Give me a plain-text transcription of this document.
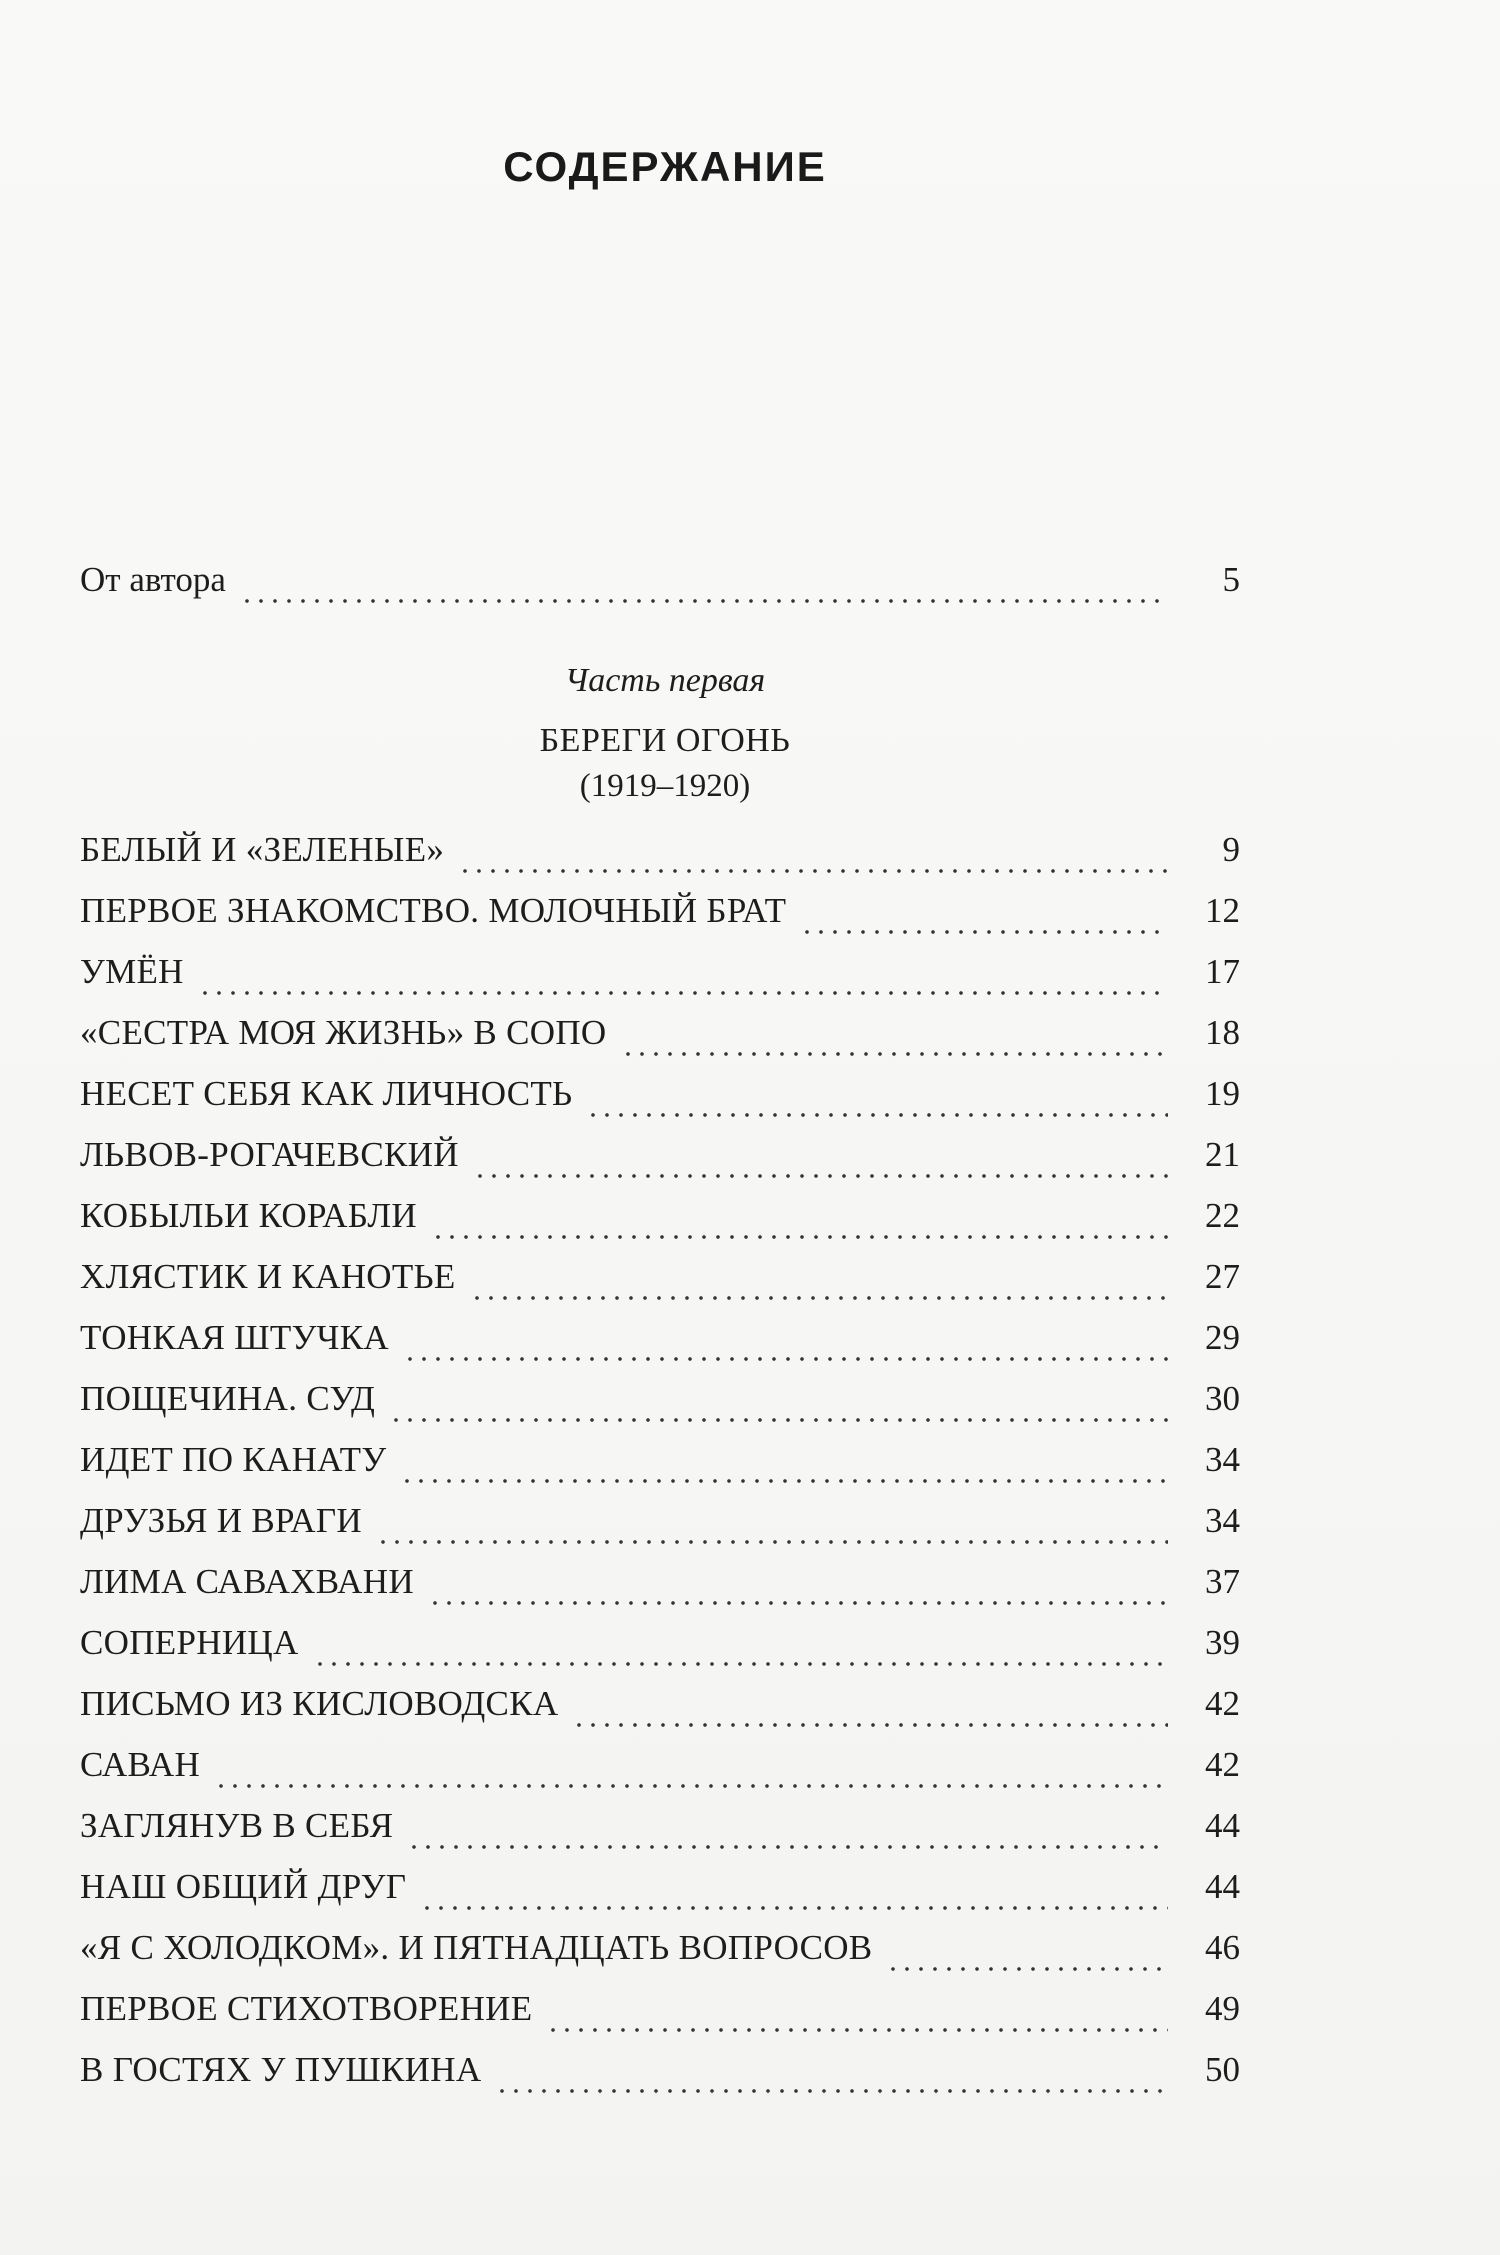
СОДЕРЖАНИЕ
От автора	5
Часть первая
БЕРЕГИ ОГОНЬ
(1919–1920)
БЕЛЫЙ И «ЗЕЛЕНЫЕ»	9
ПЕРВОЕ ЗНАКОМСТВО. МОЛОЧНЫЙ БРАТ	12
УМЁН	17
«СЕСТРА МОЯ ЖИЗНЬ» В СОПО	18
НЕСЕТ СЕБЯ КАК ЛИЧНОСТЬ	19
ЛЬВОВ-РОГАЧЕВСКИЙ	21
КОБЫЛЬИ КОРАБЛИ	22
ХЛЯСТИК И КАНОТЬЕ	27
ТОНКАЯ ШТУЧКА	29
ПОЩЕЧИНА. СУД	30
ИДЕТ ПО КАНАТУ	34
ДРУЗЬЯ И ВРАГИ	34
ЛИМА САВАХВАНИ	37
СОПЕРНИЦА	39
ПИСЬМО ИЗ КИСЛОВОДСКА	42
САВАН	42
ЗАГЛЯНУВ В СЕБЯ	44
НАШ ОБЩИЙ ДРУГ	44
«Я С ХОЛОДКОМ». И ПЯТНАДЦАТЬ ВОПРОСОВ	46
ПЕРВОЕ СТИХОТВОРЕНИЕ	49
В ГОСТЯХ У ПУШКИНА	50
